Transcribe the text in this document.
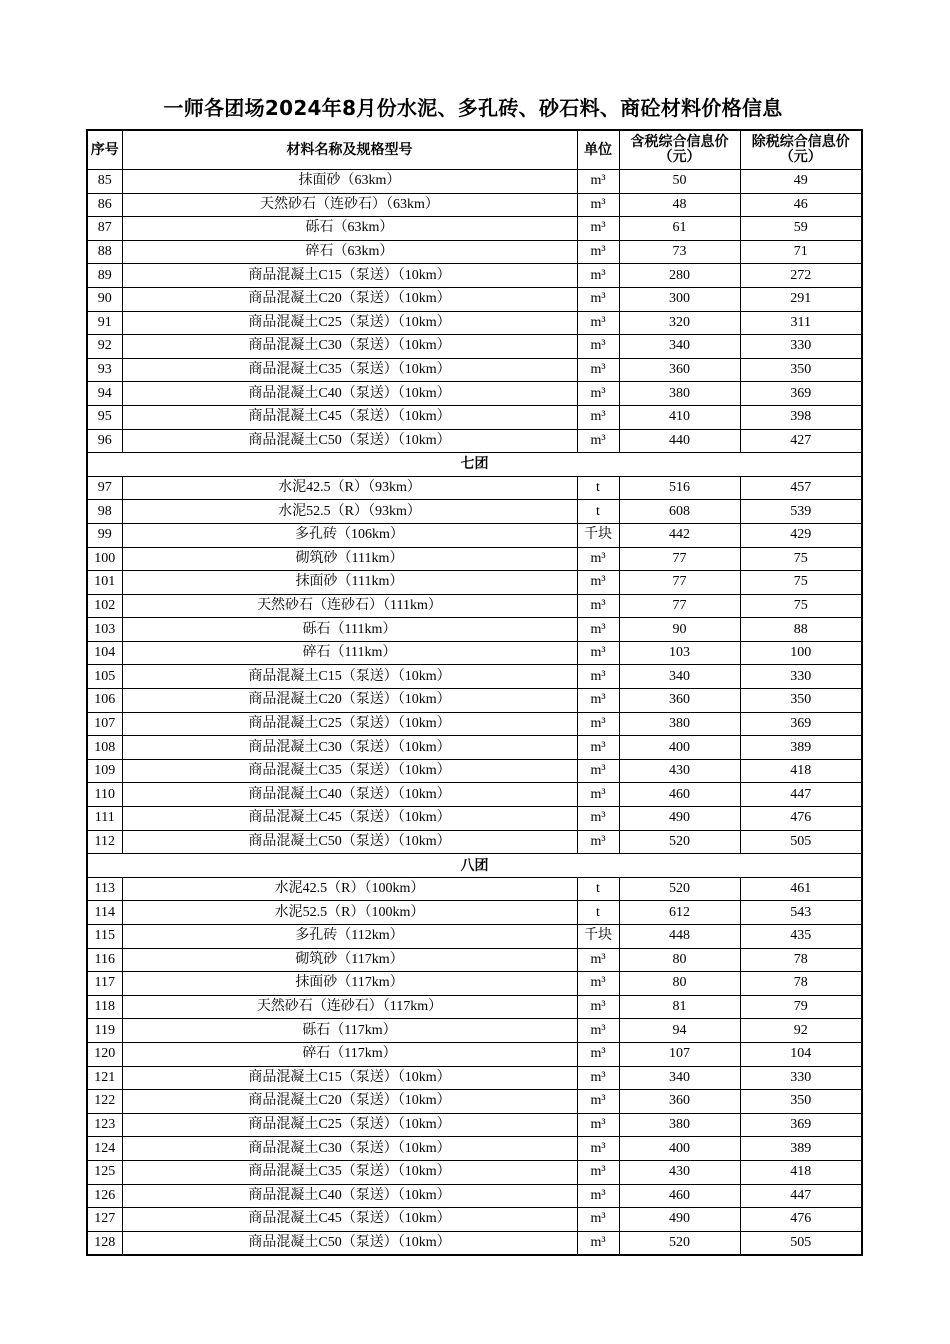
一师各团场2024年8月份水泥、多孔砖、砂石料、商砼材料价格信息
序号	材料名称及规格型号	单位	含税综合信息价（元）	除税综合信息价（元）
85	抹面砂（63km）	m³	50	49
86	天然砂石（连砂石）（63km）	m³	48	46
87	砾石（63km）	m³	61	59
88	碎石（63km）	m³	73	71
89	商品混凝土C15（泵送）（10km）	m³	280	272
90	商品混凝土C20（泵送）（10km）	m³	300	291
91	商品混凝土C25（泵送）（10km）	m³	320	311
92	商品混凝土C30（泵送）（10km）	m³	340	330
93	商品混凝土C35（泵送）（10km）	m³	360	350
94	商品混凝土C40（泵送）（10km）	m³	380	369
95	商品混凝土C45（泵送）（10km）	m³	410	398
96	商品混凝土C50（泵送）（10km）	m³	440	427
七团				
97	水泥42.5（R）（93km）	t	516	457
98	水泥52.5（R）（93km）	t	608	539
99	多孔砖（106km）	千块	442	429
100	砌筑砂（111km）	m³	77	75
101	抹面砂（111km）	m³	77	75
102	天然砂石（连砂石）（111km）	m³	77	75
103	砾石（111km）	m³	90	88
104	碎石（111km）	m³	103	100
105	商品混凝土C15（泵送）（10km）	m³	340	330
106	商品混凝土C20（泵送）（10km）	m³	360	350
107	商品混凝土C25（泵送）（10km）	m³	380	369
108	商品混凝土C30（泵送）（10km）	m³	400	389
109	商品混凝土C35（泵送）（10km）	m³	430	418
110	商品混凝土C40（泵送）（10km）	m³	460	447
111	商品混凝土C45（泵送）（10km）	m³	490	476
112	商品混凝土C50（泵送）（10km）	m³	520	505
八团				
113	水泥42.5（R）（100km）	t	520	461
114	水泥52.5（R）（100km）	t	612	543
115	多孔砖（112km）	千块	448	435
116	砌筑砂（117km）	m³	80	78
117	抹面砂（117km）	m³	80	78
118	天然砂石（连砂石）（117km）	m³	81	79
119	砾石（117km）	m³	94	92
120	碎石（117km）	m³	107	104
121	商品混凝土C15（泵送）（10km）	m³	340	330
122	商品混凝土C20（泵送）（10km）	m³	360	350
123	商品混凝土C25（泵送）（10km）	m³	380	369
124	商品混凝土C30（泵送）（10km）	m³	400	389
125	商品混凝土C35（泵送）（10km）	m³	430	418
126	商品混凝土C40（泵送）（10km）	m³	460	447
127	商品混凝土C45（泵送）（10km）	m³	490	476
128	商品混凝土C50（泵送）（10km）	m³	520	505
